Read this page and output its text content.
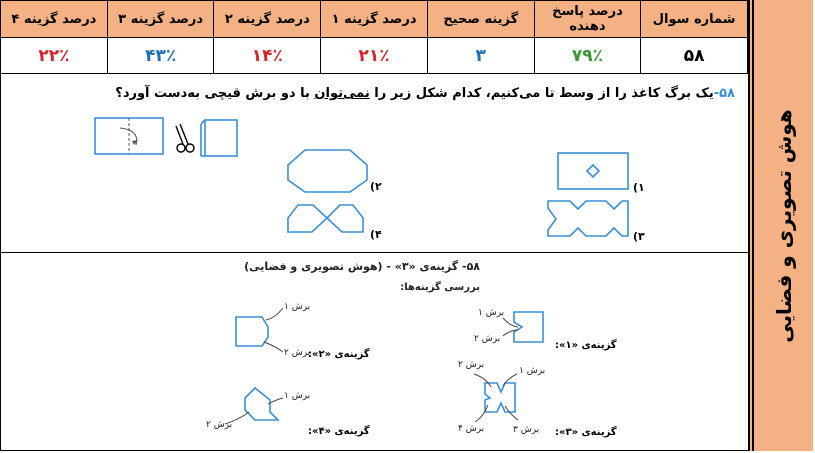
هوش تصویری و فضایی
شماره سوال	درصد پاسخ دهنده	گزینه صحیح	درصد گزینه ۱	درصد گزینه ۲	درصد گزینه ۳	درصد گزینه ۴
۵۸	۷۹٪	۳	۲۱٪	۱۴٪	۴۳٪	۲۲٪
۵۸-یک برگ کاغذ را از وسط تا می‌کنیم، کدام شکل زیر را نمی‌توان با دو برش قیچی به‌دست آورد؟
۱)
۲)
۳)
۴)
۵۸- گزینه‌ی «۳» - (هوش تصویری و فضایی)
بررسی گزینه‌ها:
گزینه‌ی «۱»:
گزینه‌ی «۲»:
گزینه‌ی «۳»:
گزینه‌ی «۴»:
برش ۱
برش ۲
برش ۱
برش ۲
برش ۲
برش ۱
برش ۴	برش ۳
برش ۱
برش ۲
